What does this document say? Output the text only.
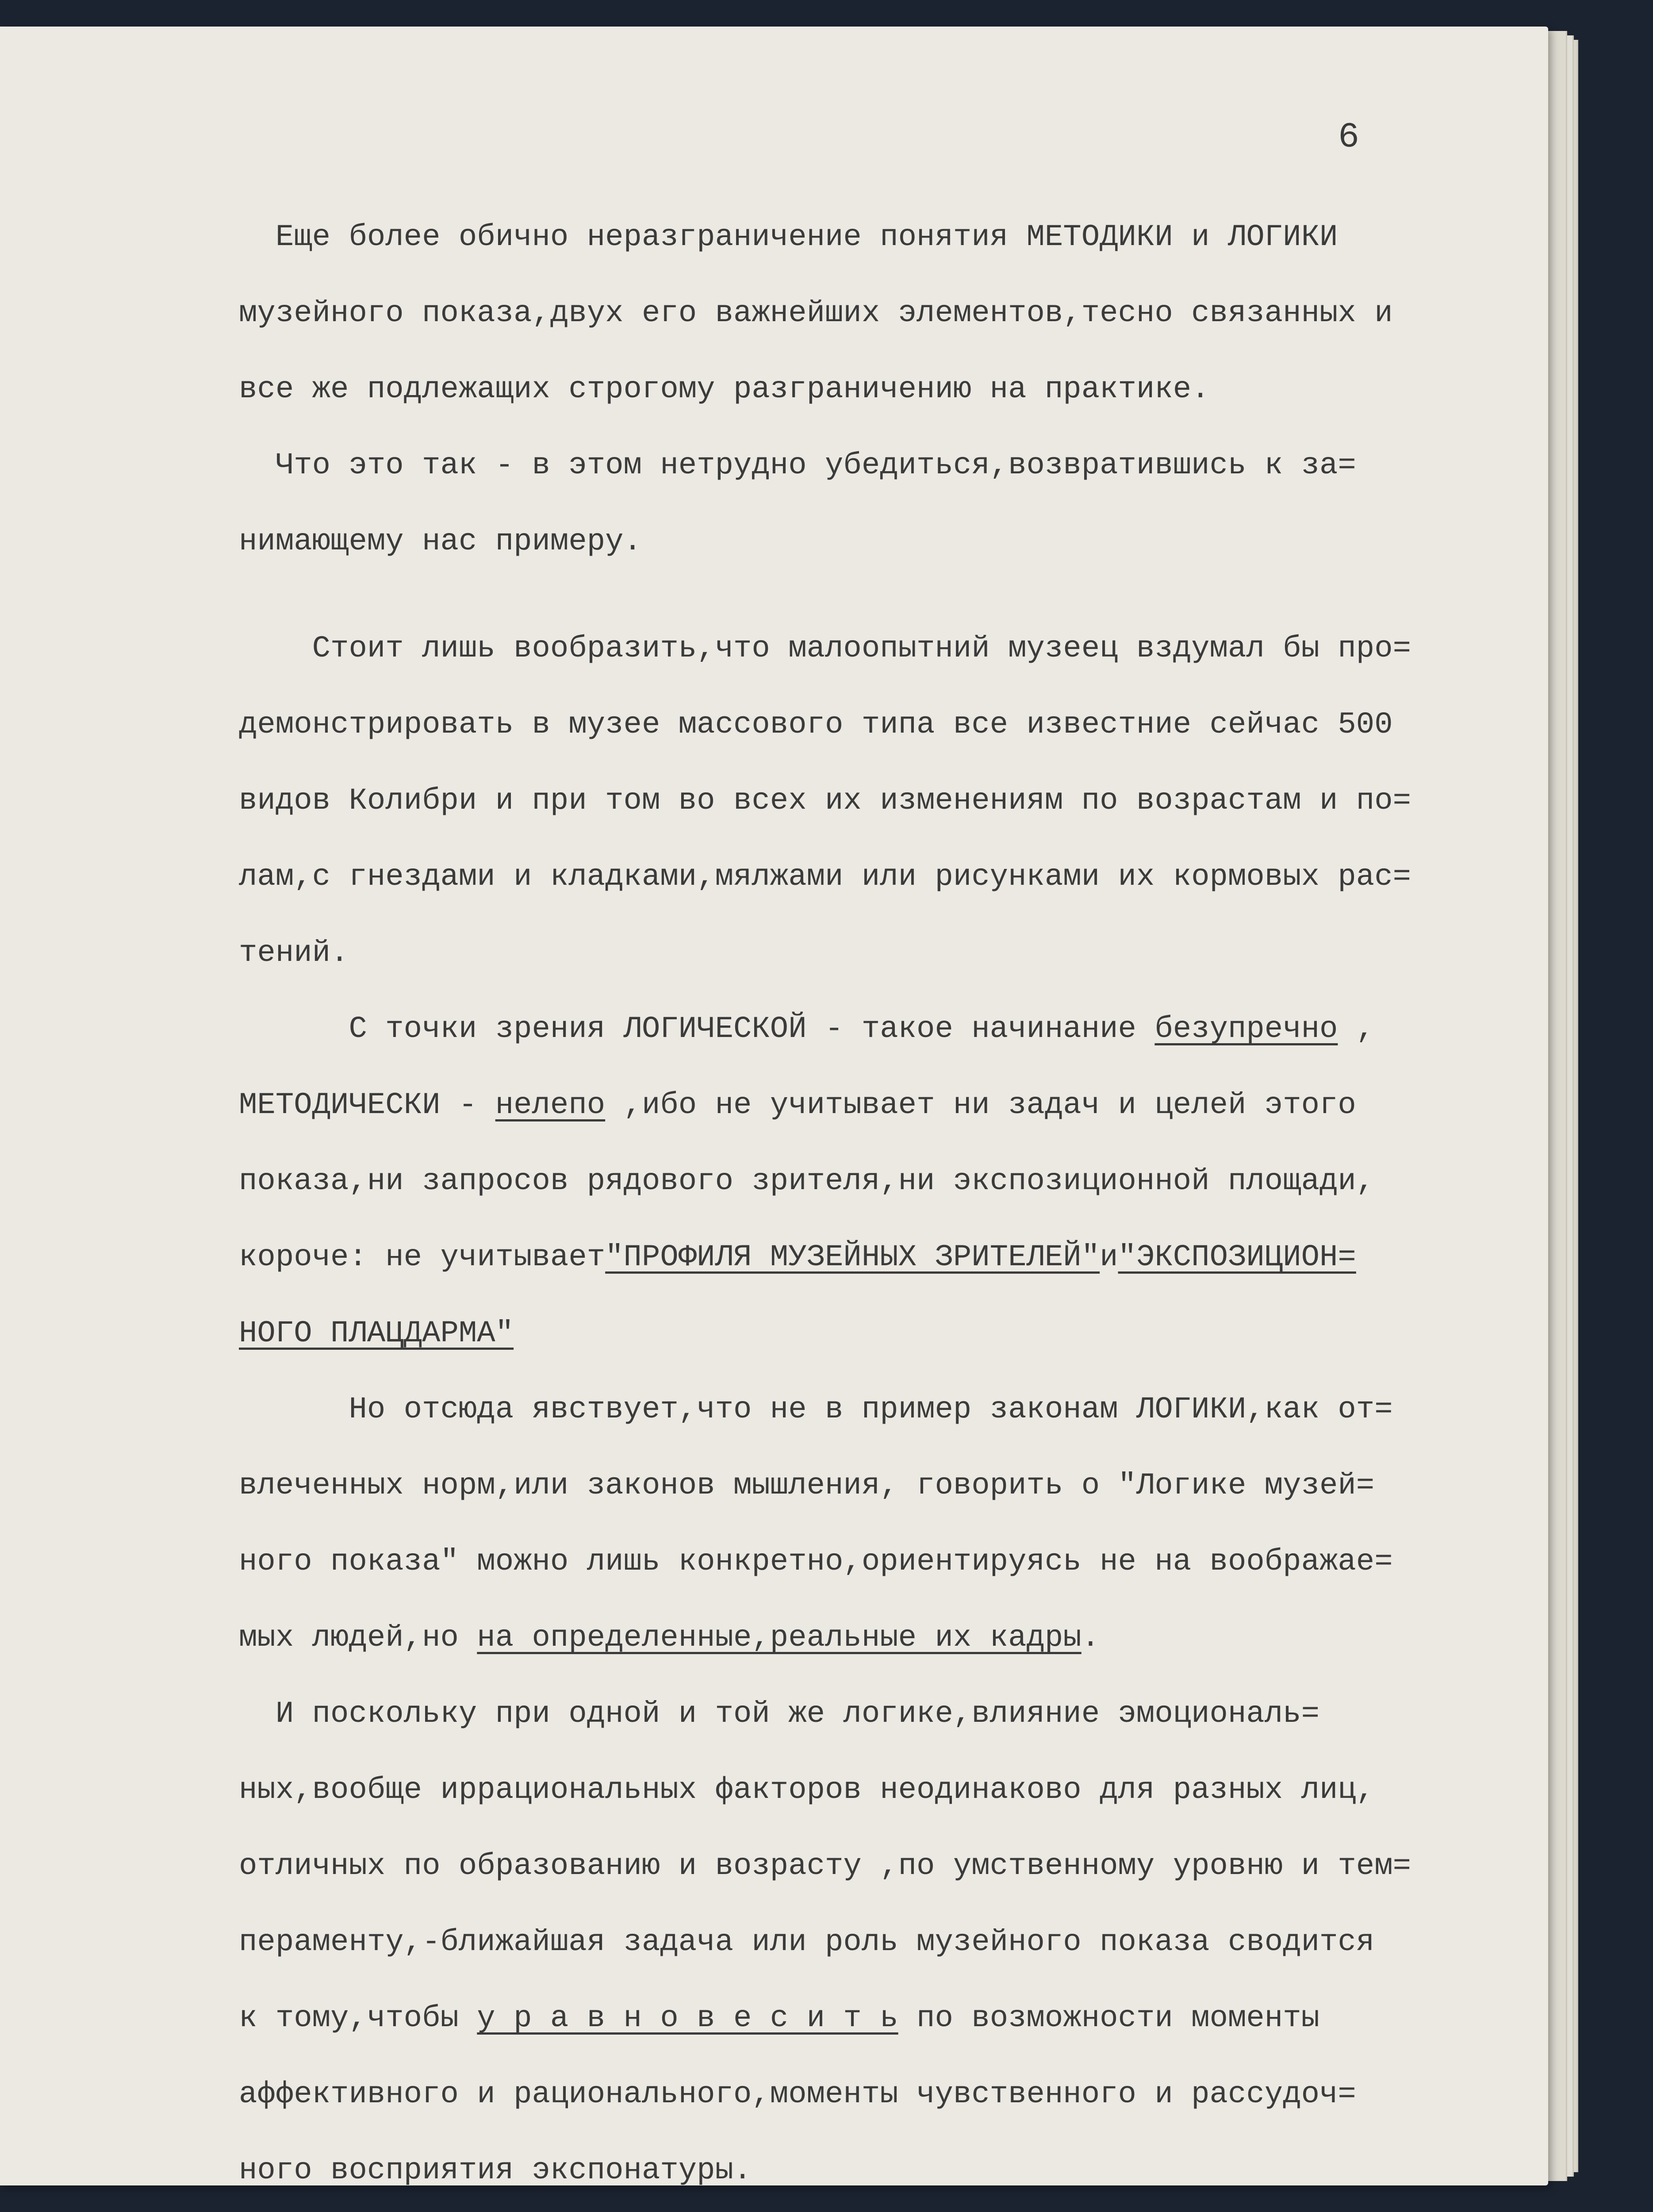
6
Еще более обично неразграничение понятия МЕТОДИКИ и ЛОГИКИ
музейного показа,двух его важнейших элементов,тесно связанных и
все же подлежащих строгому разграничению на практике.
Что это так - в этом нетрудно убедиться,возвратившись к за=
нимающему нас примеру.
Стоит лишь вообразить,что малоопытний музеец вздумал бы про=
демонстрировать в музее массового типа все известние сейчас 500
видов Колибри и при том во всех их изменениям по возрастам и по=
лам,с гнездами и кладками,мялжами или рисунками их кормовых рас=
тений.
С точки зрения ЛОГИЧЕСКОЙ - такое начинание безупречно ,
МЕТОДИЧЕСКИ - нелепо ,ибо не учитывает ни задач и целей этого
показа,ни запросов рядового зрителя,ни экспозиционной площади,
короче: не учитывает"ПРОФИЛЯ МУЗЕЙНЫХ ЗРИТЕЛЕЙ"и"ЭКСПОЗИЦИОН=
НОГО ПЛАЦДАРМА"
Но отсюда явствует,что не в пример законам ЛОГИКИ,как от=
влеченных норм,или законов мышления, говорить о "Логике музей=
ного показа" можно лишь конкретно,ориентируясь не на воображае=
мых людей,но на определенные,реальные их кадры.
И поскольку при одной и той же логике,влияние эмоциональ=
ных,вообще иррациональных факторов неодинаково для разных лиц,
отличных по образованию и возрасту ,по умственному уровню и тем=
пераменту,-ближайшая задача или роль музейного показа сводится
к тому,чтобы у р а в н о в е с и т ь по возможности моменты
аффективного и рационального,моменты чувственного и рассудоч=
ного восприятия экспонатуры.
